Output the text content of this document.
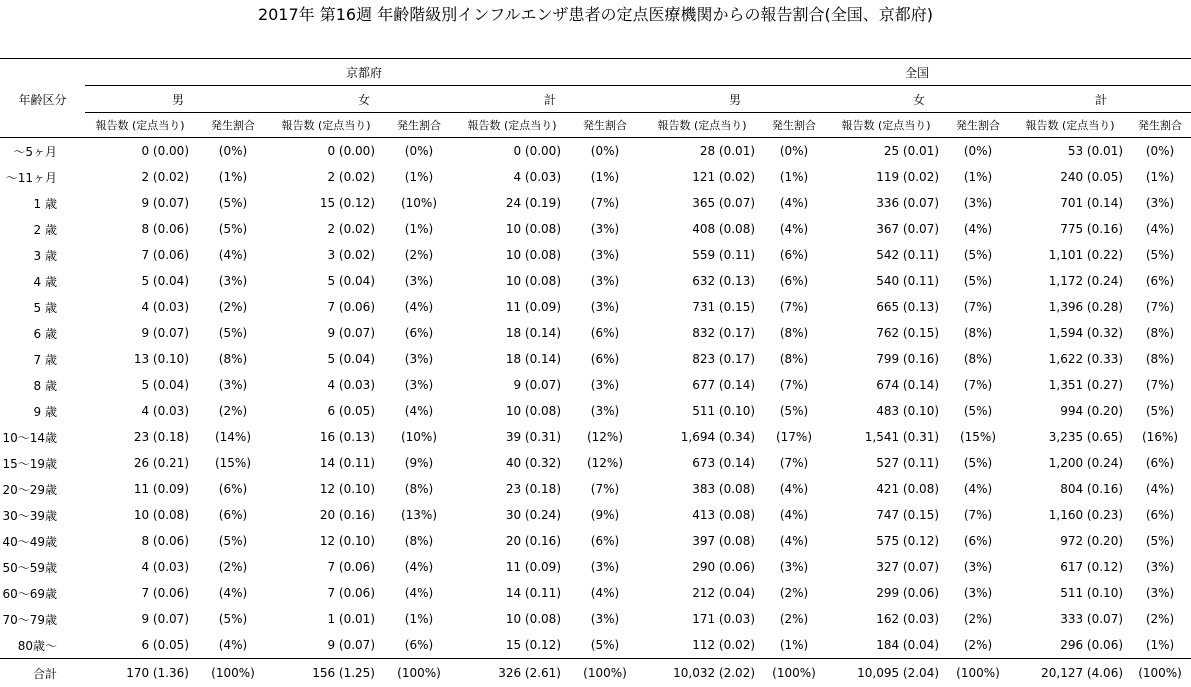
2017年 第16週 年齢階級別インフルエンザ患者の定点医療機関からの報告割合(全国、京都府)
	京都府						全国					
年齢区分	男		女		計		男		女		計	
	報告数 (定点当り)	発生割合	報告数 (定点当り)	発生割合	報告数 (定点当り)	発生割合	報告数 (定点当り)	発生割合	報告数 (定点当り)	発生割合	報告数 (定点当り)	発生割合
～5ヶ月	0 (0.00)	(0%)	0 (0.00)	(0%)	0 (0.00)	(0%)	28 (0.01)	(0%)	25 (0.01)	(0%)	53 (0.01)	(0%)
～11ヶ月	2 (0.02)	(1%)	2 (0.02)	(1%)	4 (0.03)	(1%)	121 (0.02)	(1%)	119 (0.02)	(1%)	240 (0.05)	(1%)
1 歳	9 (0.07)	(5%)	15 (0.12)	(10%)	24 (0.19)	(7%)	365 (0.07)	(4%)	336 (0.07)	(3%)	701 (0.14)	(3%)
2 歳	8 (0.06)	(5%)	2 (0.02)	(1%)	10 (0.08)	(3%)	408 (0.08)	(4%)	367 (0.07)	(4%)	775 (0.16)	(4%)
3 歳	7 (0.06)	(4%)	3 (0.02)	(2%)	10 (0.08)	(3%)	559 (0.11)	(6%)	542 (0.11)	(5%)	1,101 (0.22)	(5%)
4 歳	5 (0.04)	(3%)	5 (0.04)	(3%)	10 (0.08)	(3%)	632 (0.13)	(6%)	540 (0.11)	(5%)	1,172 (0.24)	(6%)
5 歳	4 (0.03)	(2%)	7 (0.06)	(4%)	11 (0.09)	(3%)	731 (0.15)	(7%)	665 (0.13)	(7%)	1,396 (0.28)	(7%)
6 歳	9 (0.07)	(5%)	9 (0.07)	(6%)	18 (0.14)	(6%)	832 (0.17)	(8%)	762 (0.15)	(8%)	1,594 (0.32)	(8%)
7 歳	13 (0.10)	(8%)	5 (0.04)	(3%)	18 (0.14)	(6%)	823 (0.17)	(8%)	799 (0.16)	(8%)	1,622 (0.33)	(8%)
8 歳	5 (0.04)	(3%)	4 (0.03)	(3%)	9 (0.07)	(3%)	677 (0.14)	(7%)	674 (0.14)	(7%)	1,351 (0.27)	(7%)
9 歳	4 (0.03)	(2%)	6 (0.05)	(4%)	10 (0.08)	(3%)	511 (0.10)	(5%)	483 (0.10)	(5%)	994 (0.20)	(5%)
10～14歳	23 (0.18)	(14%)	16 (0.13)	(10%)	39 (0.31)	(12%)	1,694 (0.34)	(17%)	1,541 (0.31)	(15%)	3,235 (0.65)	(16%)
15～19歳	26 (0.21)	(15%)	14 (0.11)	(9%)	40 (0.32)	(12%)	673 (0.14)	(7%)	527 (0.11)	(5%)	1,200 (0.24)	(6%)
20～29歳	11 (0.09)	(6%)	12 (0.10)	(8%)	23 (0.18)	(7%)	383 (0.08)	(4%)	421 (0.08)	(4%)	804 (0.16)	(4%)
30～39歳	10 (0.08)	(6%)	20 (0.16)	(13%)	30 (0.24)	(9%)	413 (0.08)	(4%)	747 (0.15)	(7%)	1,160 (0.23)	(6%)
40～49歳	8 (0.06)	(5%)	12 (0.10)	(8%)	20 (0.16)	(6%)	397 (0.08)	(4%)	575 (0.12)	(6%)	972 (0.20)	(5%)
50～59歳	4 (0.03)	(2%)	7 (0.06)	(4%)	11 (0.09)	(3%)	290 (0.06)	(3%)	327 (0.07)	(3%)	617 (0.12)	(3%)
60～69歳	7 (0.06)	(4%)	7 (0.06)	(4%)	14 (0.11)	(4%)	212 (0.04)	(2%)	299 (0.06)	(3%)	511 (0.10)	(3%)
70～79歳	9 (0.07)	(5%)	1 (0.01)	(1%)	10 (0.08)	(3%)	171 (0.03)	(2%)	162 (0.03)	(2%)	333 (0.07)	(2%)
80歳～	6 (0.05)	(4%)	9 (0.07)	(6%)	15 (0.12)	(5%)	112 (0.02)	(1%)	184 (0.04)	(2%)	296 (0.06)	(1%)
合計	170 (1.36)	(100%)	156 (1.25)	(100%)	326 (2.61)	(100%)	10,032 (2.02)	(100%)	10,095 (2.04)	(100%)	20,127 (4.06)	(100%)
